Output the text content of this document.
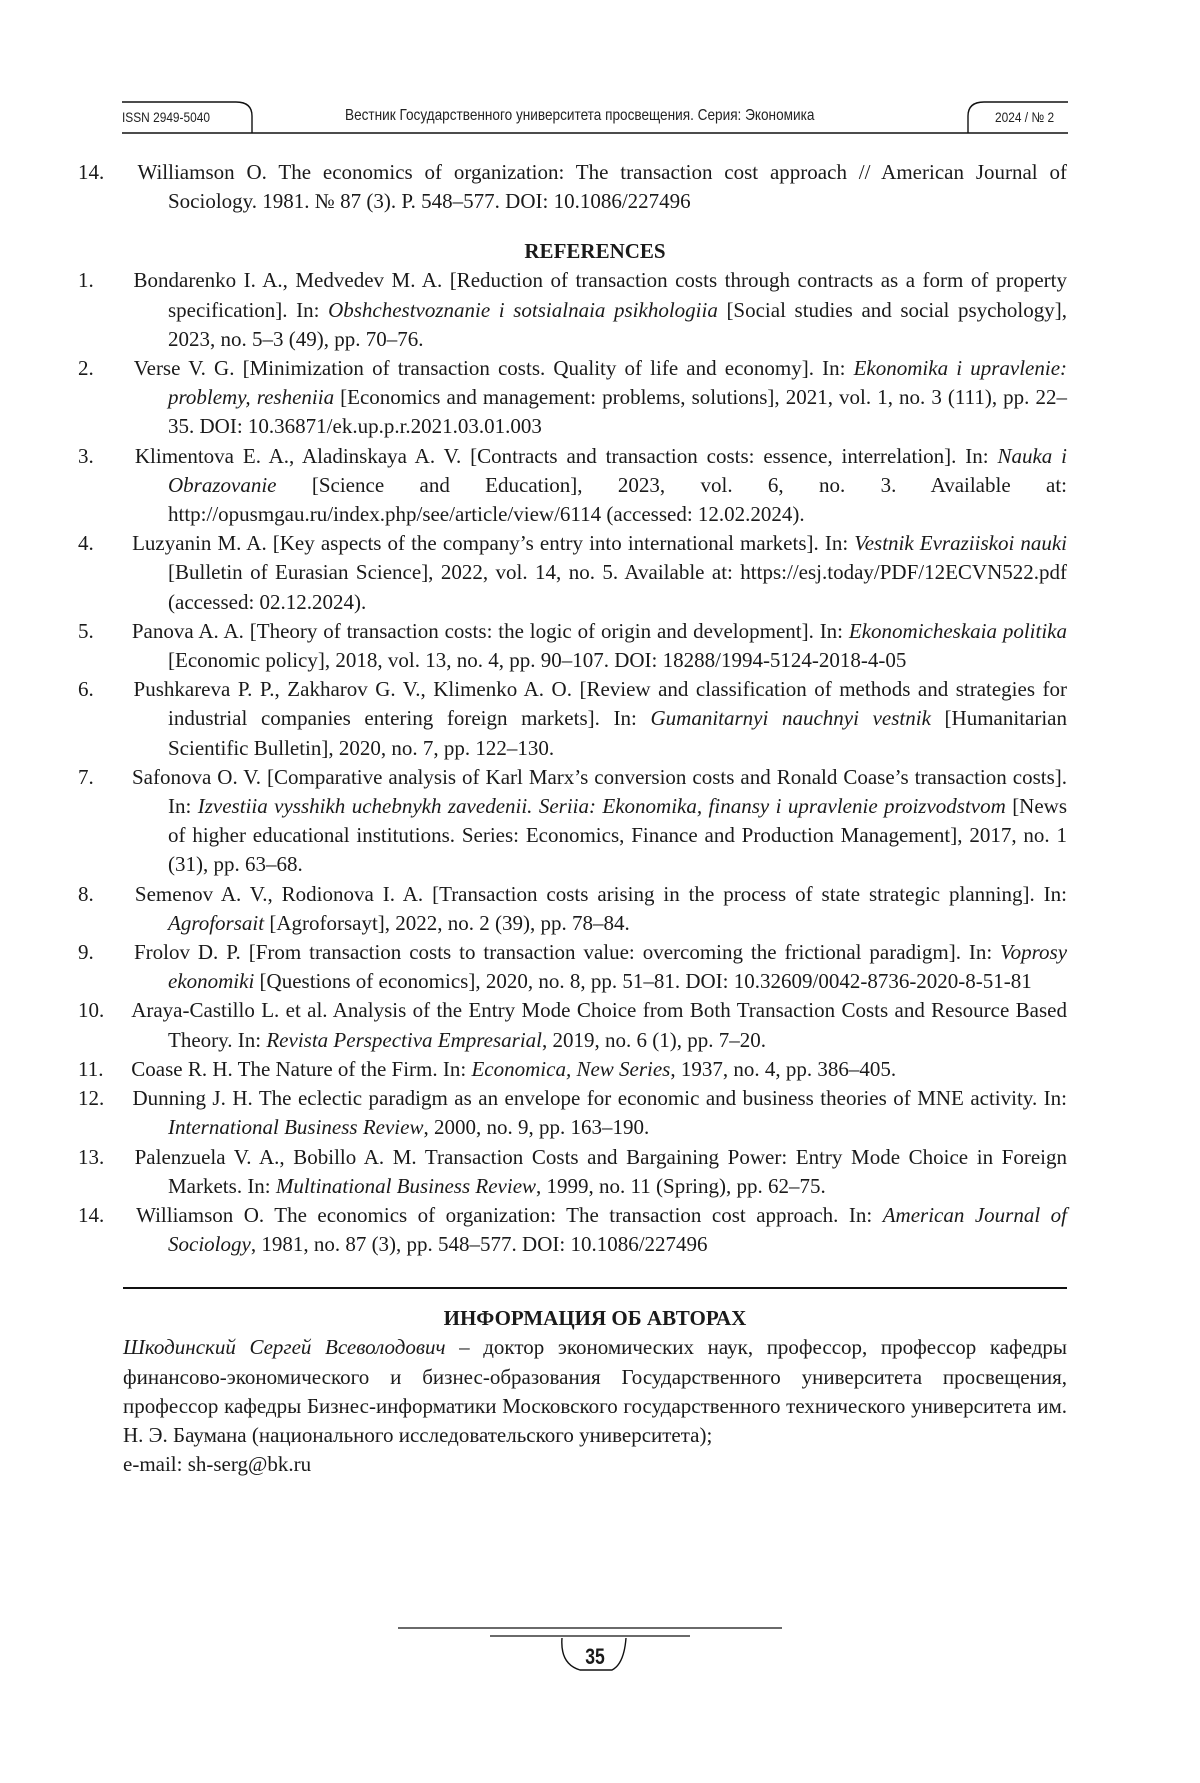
ISSN 2949-5040	Вестник Государственного университета просвещения. Серия: Экономика	2024 / № 2

14. Williamson O. The economics of organization: The transaction cost approach // American Journal of Sociology. 1981. № 87 (3). P. 548–577. DOI: 10.1086/227496

REFERENCES

1. Bondarenko I. A., Medvedev M. A. [Reduction of transaction costs through contracts as a form of property specification]. In: Obshchestvoznanie i sotsialnaia psikhologiia [Social studies and social psychology], 2023, no. 5–3 (49), pp. 70–76.

2. Verse V. G. [Minimization of transaction costs. Quality of life and economy]. In: Ekonomika i upravlenie: problemy, resheniia [Economics and management: problems, solutions], 2021, vol. 1, no. 3 (111), pp. 22–35. DOI: 10.36871/ek.up.p.r.2021.03.01.003

3. Klimentova E. A., Aladinskaya A. V. [Contracts and transaction costs: essence, interrelation]. In: Nauka i Obrazovanie [Science and Education], 2023, vol. 6, no. 3. Available at: http://opusmgau.ru/index.php/see/article/view/6114 (accessed: 12.02.2024).

4. Luzyanin M. A. [Key aspects of the company’s entry into international markets]. In: Vestnik Evraziiskoi nauki [Bulletin of Eurasian Science], 2022, vol. 14, no. 5. Available at: https://esj.today/PDF/12ECVN522.pdf (accessed: 02.12.2024).

5. Panova A. A. [Theory of transaction costs: the logic of origin and development]. In: Ekonomicheskaia politika [Economic policy], 2018, vol. 13, no. 4, pp. 90–107. DOI: 18288/1994-5124-2018-4-05

6. Pushkareva P. P., Zakharov G. V., Klimenko A. O. [Review and classification of methods and strategies for industrial companies entering foreign markets]. In: Gumanitarnyi nauchnyi vestnik [Humanitarian Scientific Bulletin], 2020, no. 7, pp. 122–130.

7. Safonova O. V. [Comparative analysis of Karl Marx’s conversion costs and Ronald Coase’s transaction costs]. In: Izvestiia vysshikh uchebnykh zavedenii. Seriia: Ekonomika, finansy i upravlenie proizvodstvom [News of higher educational institutions. Series: Economics, Finance and Production Management], 2017, no. 1 (31), pp. 63–68.

8. Semenov A. V., Rodionova I. A. [Transaction costs arising in the process of state strategic planning]. In: Agroforsait [Agroforsayt], 2022, no. 2 (39), pp. 78–84.

9. Frolov D. P. [From transaction costs to transaction value: overcoming the frictional paradigm]. In: Voprosy ekonomiki [Questions of economics], 2020, no. 8, pp. 51–81. DOI: 10.32609/0042-8736-2020-8-51-81

10. Araya-Castillo L. et al. Analysis of the Entry Mode Choice from Both Transaction Costs and Resource Based Theory. In: Revista Perspectiva Empresarial, 2019, no. 6 (1), pp. 7–20.

11. Coase R. H. The Nature of the Firm. In: Economica, New Series, 1937, no. 4, pp. 386–405.

12. Dunning J. H. The eclectic paradigm as an envelope for economic and business theories of MNE activity. In: International Business Review, 2000, no. 9, pp. 163–190.

13. Palenzuela V. A., Bobillo A. M. Transaction Costs and Bargaining Power: Entry Mode Choice in Foreign Markets. In: Multinational Business Review, 1999, no. 11 (Spring), pp. 62–75.

14. Williamson O. The economics of organization: The transaction cost approach. In: American Journal of Sociology, 1981, no. 87 (3), pp. 548–577. DOI: 10.1086/227496

ИНФОРМАЦИЯ ОБ АВТОРАХ

Шкодинский Сергей Всеволодович – доктор экономических наук, профессор, профессор кафедры финансово-экономического и бизнес-образования Государственного университета просвещения, профессор кафедры Бизнес-информатики Московского государственного технического университета им. Н. Э. Баумана (национального исследовательского университета);

e-mail: sh-serg@bk.ru

35
